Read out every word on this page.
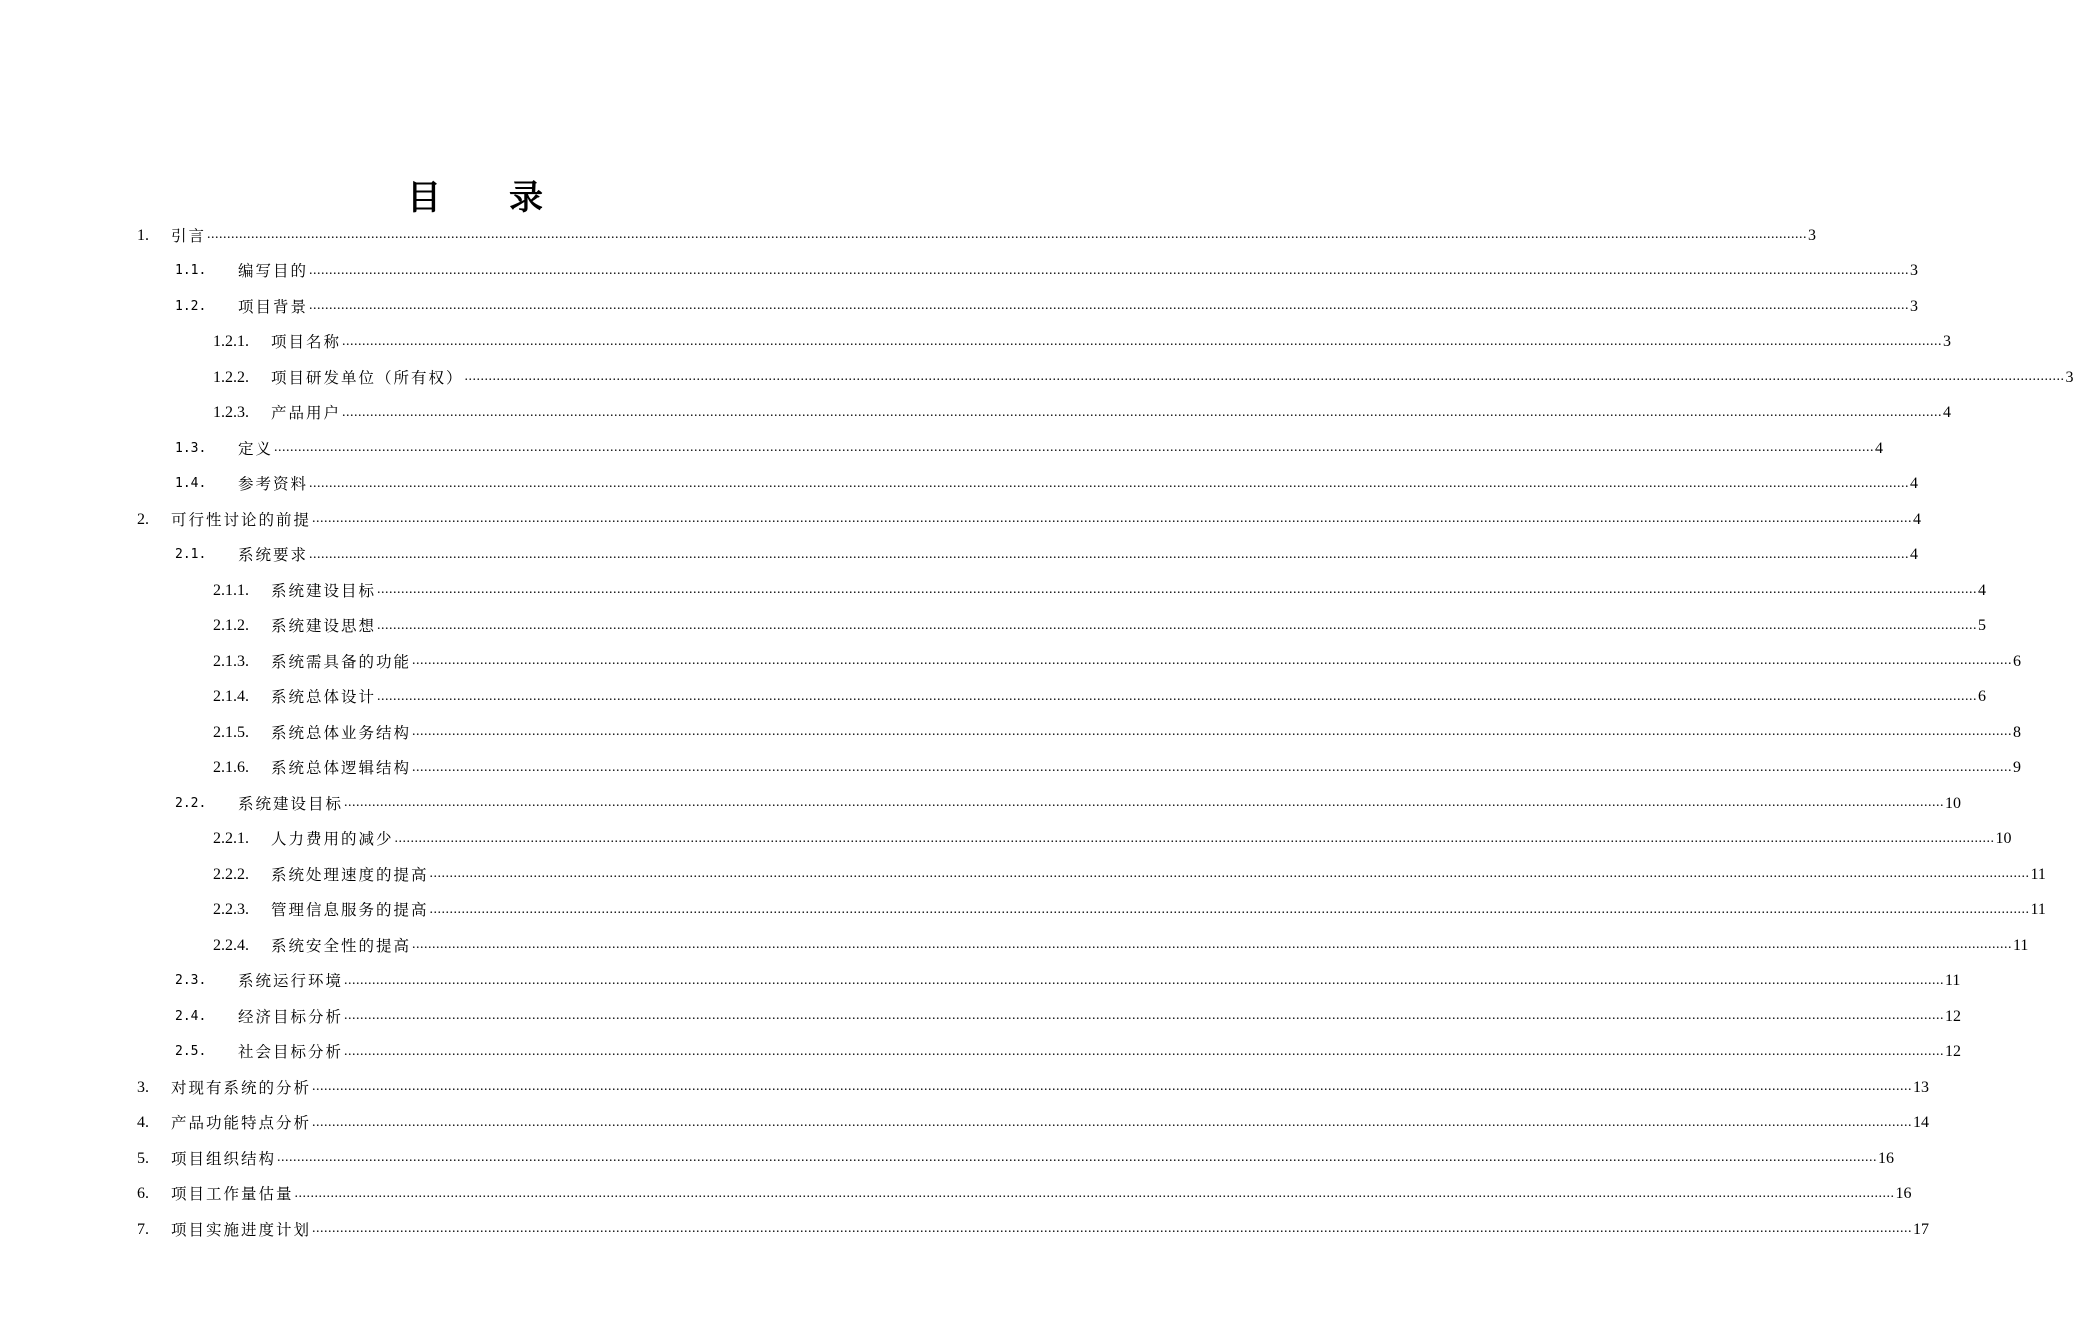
目 录
1.	引言 ................................................................................................................................................................................................................................................................................................................................................................................................................ 3
1.1.	编写目的 ................................................................................................................................................................................................................................................................................................................................................................................................................ 3
1.2.	项目背景 ................................................................................................................................................................................................................................................................................................................................................................................................................ 3
1.2.1.	项目名称 ................................................................................................................................................................................................................................................................................................................................................................................................................ 3
1.2.2.	项目研发单位（所有权） ................................................................................................................................................................................................................................................................................................................................................................................................................ 3
1.2.3.	产品用户 ................................................................................................................................................................................................................................................................................................................................................................................................................ 4
1.3.	定义 ................................................................................................................................................................................................................................................................................................................................................................................................................ 4
1.4.	参考资料 ................................................................................................................................................................................................................................................................................................................................................................................................................ 4
2.	可行性讨论的前提 ................................................................................................................................................................................................................................................................................................................................................................................................................ 4
2.1.	系统要求 ................................................................................................................................................................................................................................................................................................................................................................................................................ 4
2.1.1.	系统建设目标 ................................................................................................................................................................................................................................................................................................................................................................................................................ 4
2.1.2.	系统建设思想 ................................................................................................................................................................................................................................................................................................................................................................................................................ 5
2.1.3.	系统需具备的功能 ................................................................................................................................................................................................................................................................................................................................................................................................................ 6
2.1.4.	系统总体设计 ................................................................................................................................................................................................................................................................................................................................................................................................................ 6
2.1.5.	系统总体业务结构 ................................................................................................................................................................................................................................................................................................................................................................................................................ 8
2.1.6.	系统总体逻辑结构 ................................................................................................................................................................................................................................................................................................................................................................................................................ 9
2.2.	系统建设目标 ................................................................................................................................................................................................................................................................................................................................................................................................................ 10
2.2.1.	人力费用的减少 ................................................................................................................................................................................................................................................................................................................................................................................................................ 10
2.2.2.	系统处理速度的提高 ................................................................................................................................................................................................................................................................................................................................................................................................................ 11
2.2.3.	管理信息服务的提高 ................................................................................................................................................................................................................................................................................................................................................................................................................ 11
2.2.4.	系统安全性的提高 ................................................................................................................................................................................................................................................................................................................................................................................................................ 11
2.3.	系统运行环境 ................................................................................................................................................................................................................................................................................................................................................................................................................ 11
2.4.	经济目标分析 ................................................................................................................................................................................................................................................................................................................................................................................................................ 12
2.5.	社会目标分析 ................................................................................................................................................................................................................................................................................................................................................................................................................ 12
3.	对现有系统的分析 ................................................................................................................................................................................................................................................................................................................................................................................................................ 13
4.	产品功能特点分析 ................................................................................................................................................................................................................................................................................................................................................................................................................ 14
5.	项目组织结构 ................................................................................................................................................................................................................................................................................................................................................................................................................ 16
6.	项目工作量估量 ................................................................................................................................................................................................................................................................................................................................................................................................................ 16
7.	项目实施进度计划 ................................................................................................................................................................................................................................................................................................................................................................................................................ 17
